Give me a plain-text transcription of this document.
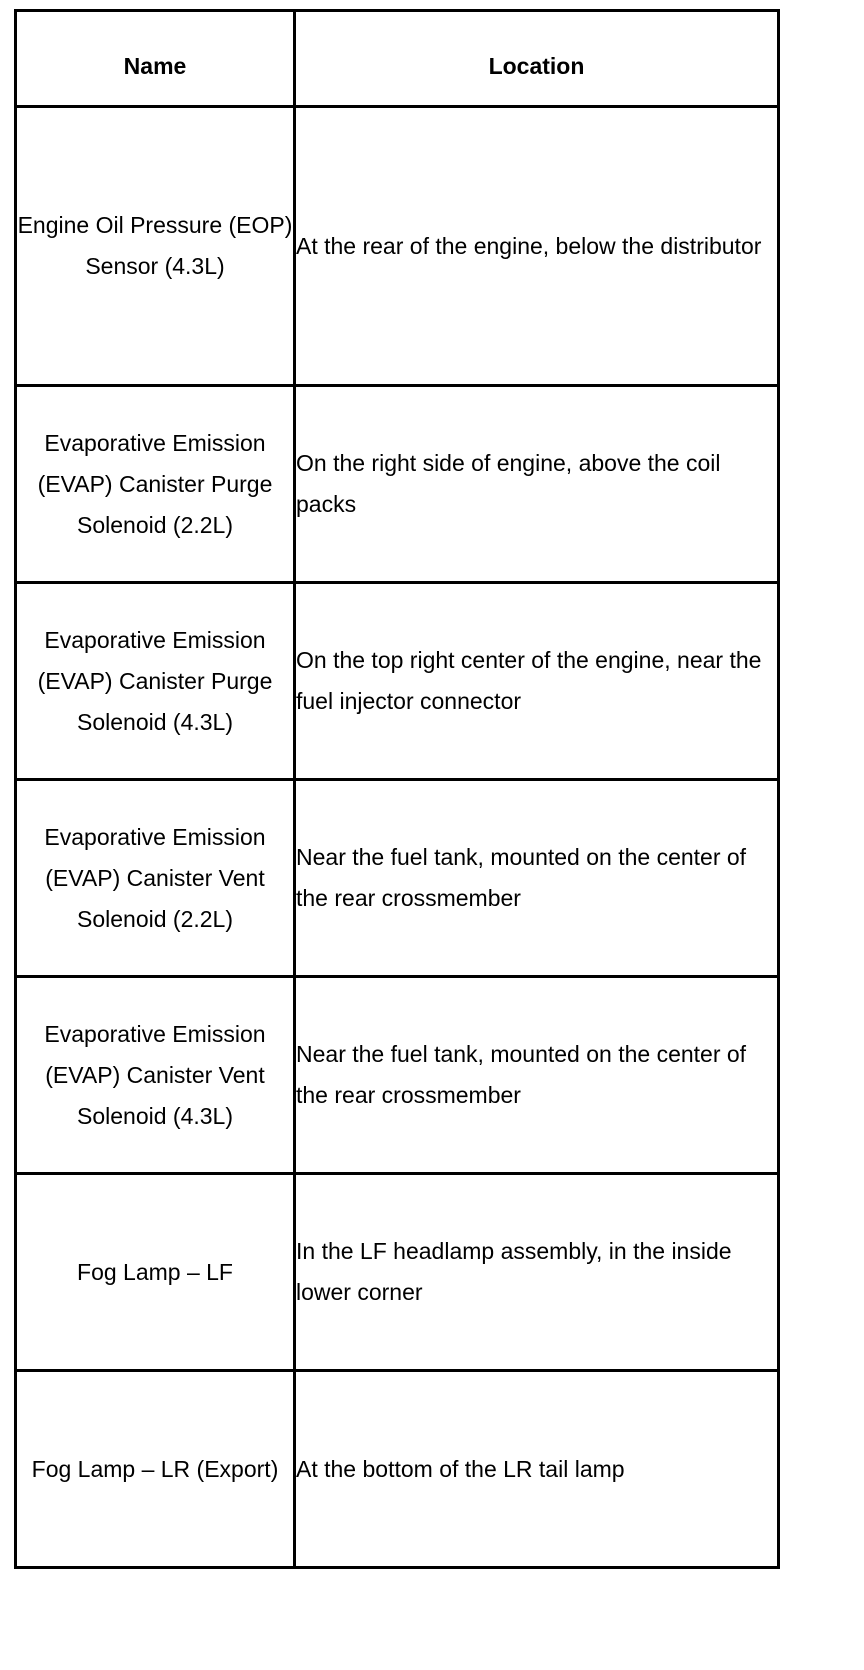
Name	Location

Engine Oil Pressure (EOP) Sensor (4.3L)	At the rear of the engine, below the distributor

Evaporative Emission (EVAP) Canister Purge Solenoid (2.2L)	On the right side of engine, above the coil packs

Evaporative Emission (EVAP) Canister Purge Solenoid (4.3L)	On the top right center of the engine, near the fuel injector connector

Evaporative Emission (EVAP) Canister Vent Solenoid (2.2L)	Near the fuel tank, mounted on the center of the rear crossmember

Evaporative Emission (EVAP) Canister Vent Solenoid (4.3L)	Near the fuel tank, mounted on the center of the rear crossmember

Fog Lamp – LF	In the LF headlamp assembly, in the inside lower corner

Fog Lamp – LR (Export)	At the bottom of the LR tail lamp
